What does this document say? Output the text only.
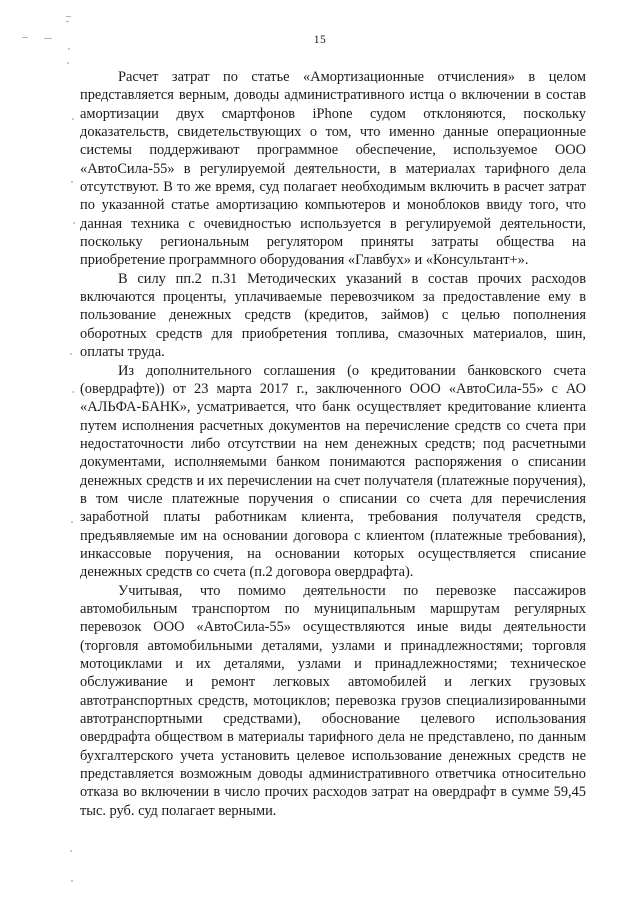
15

Расчет затрат по статье «Амортизационные отчисления» в целом представляется верным, доводы административного истца о включении в состав амортизации двух смартфонов iPhone судом отклоняются, поскольку доказательств, свидетельствующих о том, что именно данные операционные системы поддерживают программное обеспечение, используемое ООО «АвтоСила-55» в регулируемой деятельности, в материалах тарифного дела отсутствуют. В то же время, суд полагает необходимым включить в расчет затрат по указанной статье амортизацию компьютеров и моноблоков ввиду того, что данная техника с очевидностью используется в регулируемой деятельности, поскольку региональным регулятором приняты затраты общества на приобретение программного оборудования «Главбух» и «Консультант+».

В силу пп.2 п.31 Методических указаний в состав прочих расходов включаются проценты, уплачиваемые перевозчиком за предоставление ему в пользование денежных средств (кредитов, займов) с целью пополнения оборотных средств для приобретения топлива, смазочных материалов, шин, оплаты труда.

Из дополнительного соглашения (о кредитовании банковского счета (овердрафте)) от 23 марта 2017 г., заключенного ООО «АвтоСила-55» с АО «АЛЬФА-БАНК», усматривается, что банк осуществляет кредитование клиента путем исполнения расчетных документов на перечисление средств со счета при недостаточности либо отсутствии на нем денежных средств; под расчетными документами, исполняемыми банком понимаются распоряжения о списании денежных средств и их перечислении на счет получателя (платежные поручения), в том числе платежные поручения о списании со счета для перечисления заработной платы работникам клиента, требования получателя средств, предъявляемые им на основании договора с клиентом (платежные требования), инкассовые поручения, на основании которых осуществляется списание денежных средств со счета (п.2 договора овердрафта).

Учитывая, что помимо деятельности по перевозке пассажиров автомобильным транспортом по муниципальным маршрутам регулярных перевозок ООО «АвтоСила-55» осуществляются иные виды деятельности (торговля автомобильными деталями, узлами и принадлежностями; торговля мотоциклами и их деталями, узлами и принадлежностями; техническое обслуживание и ремонт легковых автомобилей и легких грузовых автотранспортных средств, мотоциклов; перевозка грузов специализированными автотранспортными средствами), обоснование целевого использования овердрафта обществом в материалы тарифного дела не представлено, по данным бухгалтерского учета установить целевое использование денежных средств не представляется возможным доводы административного ответчика относительно отказа во включении в число прочих расходов затрат на овердрафт в сумме 59,45 тыс. руб. суд полагает верными.
